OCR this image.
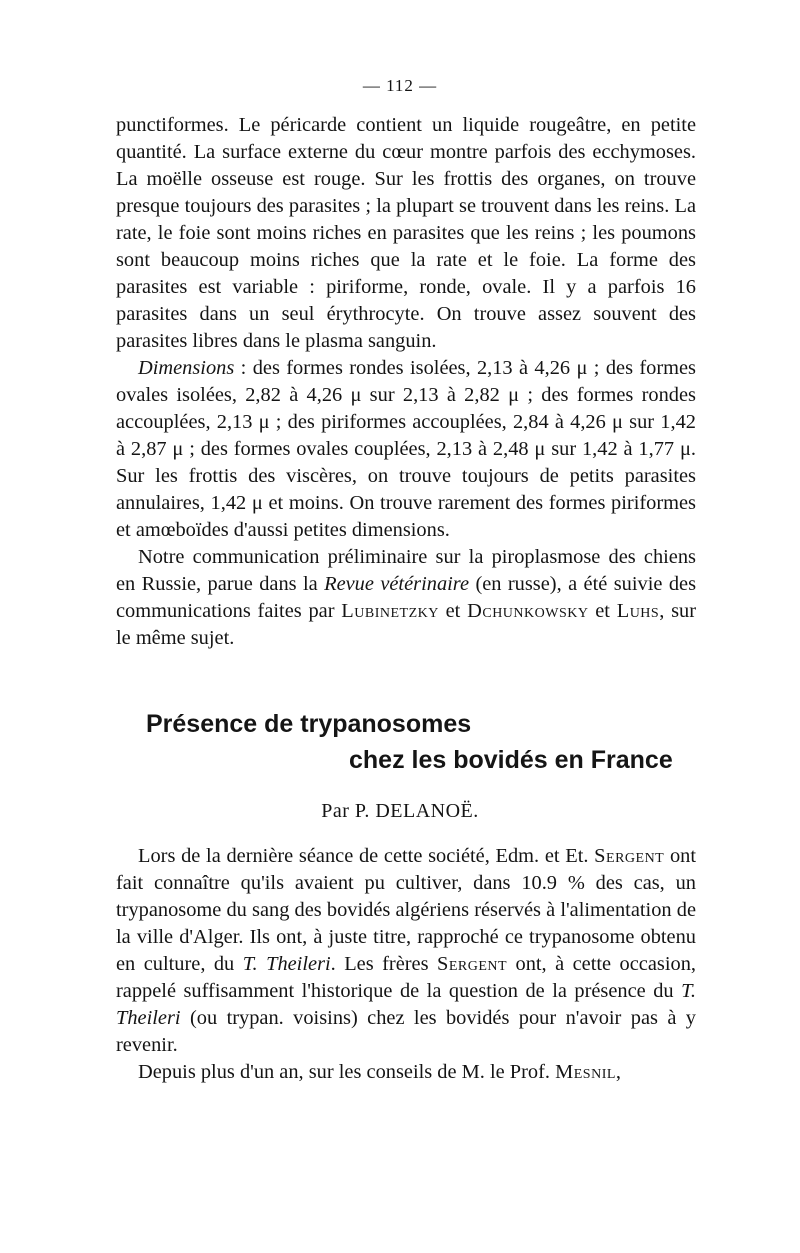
— 112 —

punctiformes. Le péricarde contient un liquide rougeâtre, en petite quantité. La surface externe du cœur montre parfois des ecchymoses. La moëlle osseuse est rouge. Sur les frottis des organes, on trouve presque toujours des parasites ; la plupart se trouvent dans les reins. La rate, le foie sont moins riches en parasites que les reins ; les poumons sont beaucoup moins riches que la rate et le foie. La forme des parasites est variable : piriforme, ronde, ovale. Il y a parfois 16 parasites dans un seul érythrocyte. On trouve assez souvent des parasites libres dans le plasma sanguin.

Dimensions : des formes rondes isolées, 2,13 à 4,26 μ ; des formes ovales isolées, 2,82 à 4,26 μ sur 2,13 à 2,82 μ ; des formes rondes accouplées, 2,13 μ ; des piriformes accouplées, 2,84 à 4,26 μ sur 1,42 à 2,87 μ ; des formes ovales couplées, 2,13 à 2,48 μ sur 1,42 à 1,77 μ. Sur les frottis des viscères, on trouve toujours de petits parasites annulaires, 1,42 μ et moins. On trouve rarement des formes piriformes et amœboïdes d'aussi petites dimensions.

Notre communication préliminaire sur la piroplasmose des chiens en Russie, parue dans la Revue vétérinaire (en russe), a été suivie des communications faites par Lubinetzky et Dchunkowsky et Luhs, sur le même sujet.

Présence de trypanosomes
chez les bovidés en France
Par P. DELANOË.

Lors de la dernière séance de cette société, Edm. et Et. Sergent ont fait connaître qu'ils avaient pu cultiver, dans 10.9 % des cas, un trypanosome du sang des bovidés algériens réservés à l'alimentation de la ville d'Alger. Ils ont, à juste titre, rapproché ce trypanosome obtenu en culture, du T. Theileri. Les frères Sergent ont, à cette occasion, rappelé suffisamment l'historique de la question de la présence du T. Theileri (ou trypan. voisins) chez les bovidés pour n'avoir pas à y revenir.

Depuis plus d'un an, sur les conseils de M. le Prof. Mesnil,
